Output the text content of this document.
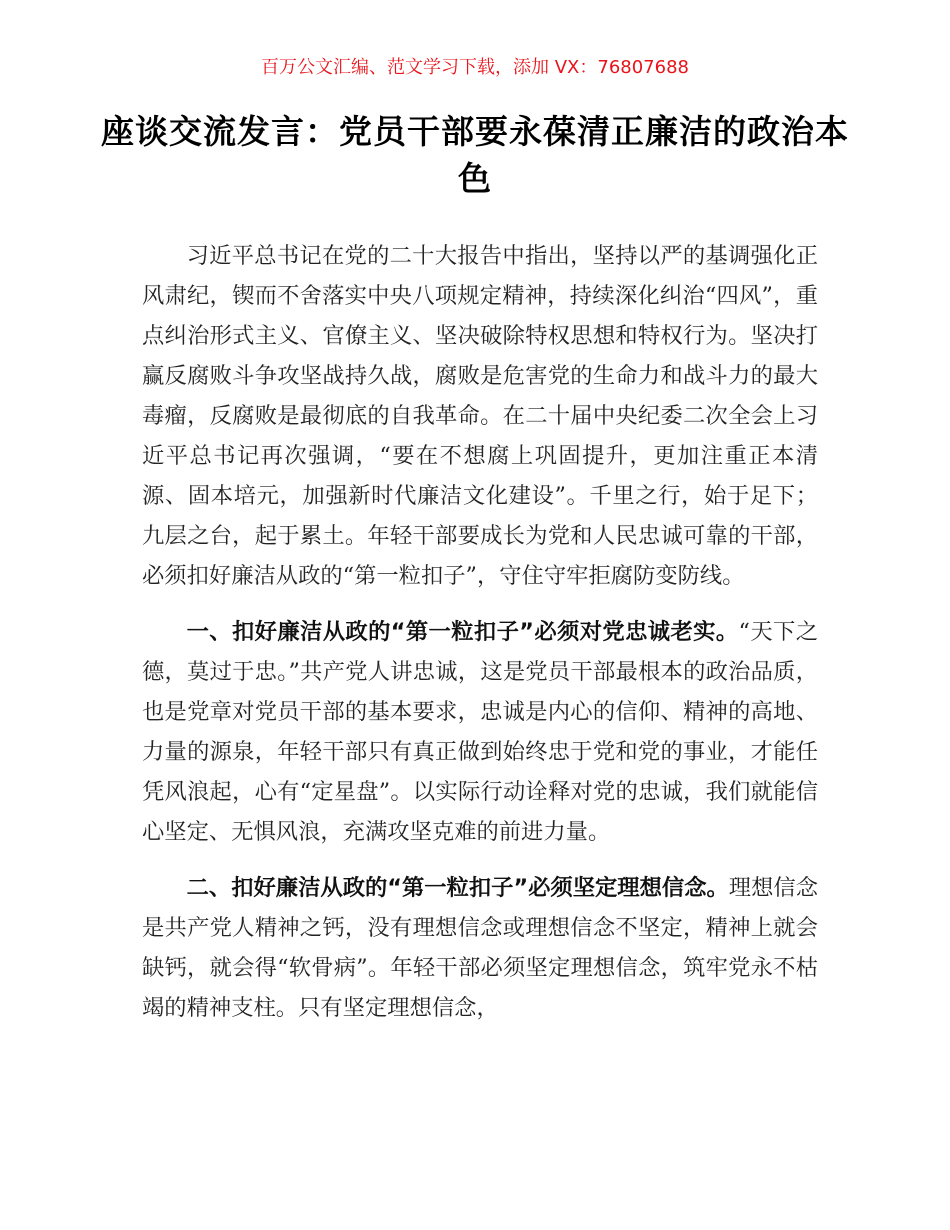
百万公文汇编、范文学习下载，添加 VX：76807688
座谈交流发言：党员干部要永葆清正廉洁的政治本色

习近平总书记在党的二十大报告中指出，坚持以严的基调强化正风肃纪，锲而不舍落实中央八项规定精神，持续深化纠治“四风”，重点纠治形式主义、官僚主义、坚决破除特权思想和特权行为。坚决打赢反腐败斗争攻坚战持久战，腐败是危害党的生命力和战斗力的最大毒瘤，反腐败是最彻底的自我革命。在二十届中央纪委二次全会上习近平总书记再次强调，“要在不想腐上巩固提升，更加注重正本清源、固本培元，加强新时代廉洁文化建设”。千里之行，始于足下；九层之台，起于累土。年轻干部要成长为党和人民忠诚可靠的干部，必须扣好廉洁从政的“第一粒扣子”，守住守牢拒腐防变防线。

一、扣好廉洁从政的“第一粒扣子”必须对党忠诚老实。“天下之德，莫过于忠。”共产党人讲忠诚，这是党员干部最根本的政治品质，也是党章对党员干部的基本要求，忠诚是内心的信仰、精神的高地、力量的源泉，年轻干部只有真正做到始终忠于党和党的事业，才能任凭风浪起，心有“定星盘”。以实际行动诠释对党的忠诚，我们就能信心坚定、无惧风浪，充满攻坚克难的前进力量。

二、扣好廉洁从政的“第一粒扣子”必须坚定理想信念。理想信念是共产党人精神之钙，没有理想信念或理想信念不坚定，精神上就会缺钙，就会得“软骨病”。年轻干部必须坚定理想信念，筑牢党永不枯竭的精神支柱。只有坚定理想信念，
